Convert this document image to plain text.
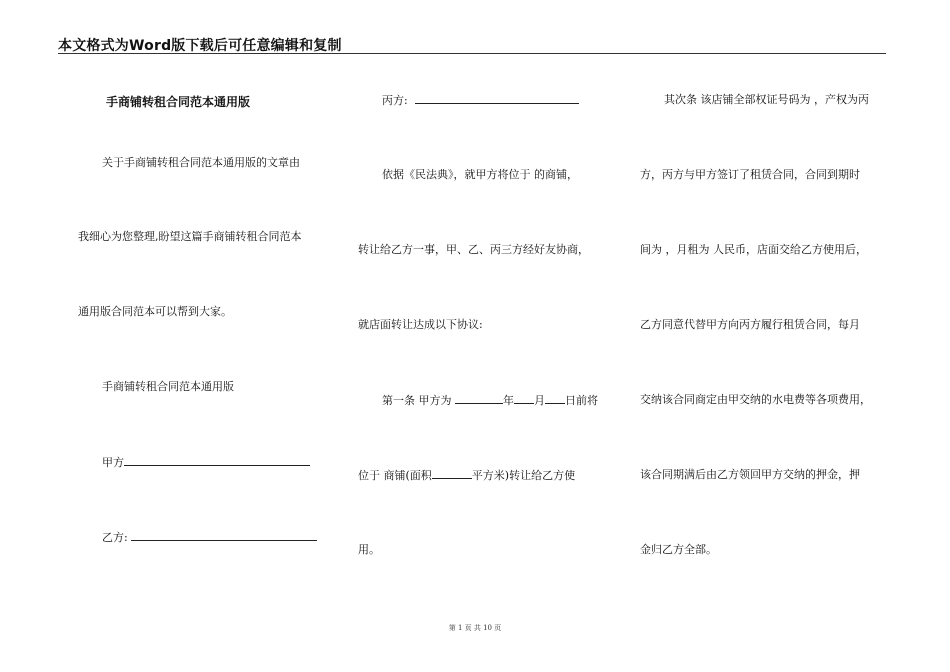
本文格式为Word版下载后可任意编辑和复制
手商铺转租合同范本通用版
关于手商铺转租合同范本通用版的文章由
我细心为您整理,盼望这篇手商铺转租合同范本
通用版合同范本可以帮到大家。
手商铺转租合同范本通用版
甲方
乙方:
丙方:
依据《民法典》，就甲方将位于 的商铺，
转让给乙方一事，甲、乙、丙三方经好友协商，
就店面转让达成以下协议:
第一条 甲方为	年 月 日前将
位于 商铺(面积	平方米)转让给乙方使
用。
其次条 该店铺全部权证号码为 ，产权为丙
方，丙方与甲方签订了租赁合同，合同到期时
间为 ，月租为 人民币，店面交给乙方使用后，
乙方同意代替甲方向丙方履行租赁合同，每月
交纳该合同商定由甲交纳的水电费等各项费用，
该合同期满后由乙方领回甲方交纳的押金，押
金归乙方全部。
第 1 页 共 10 页
